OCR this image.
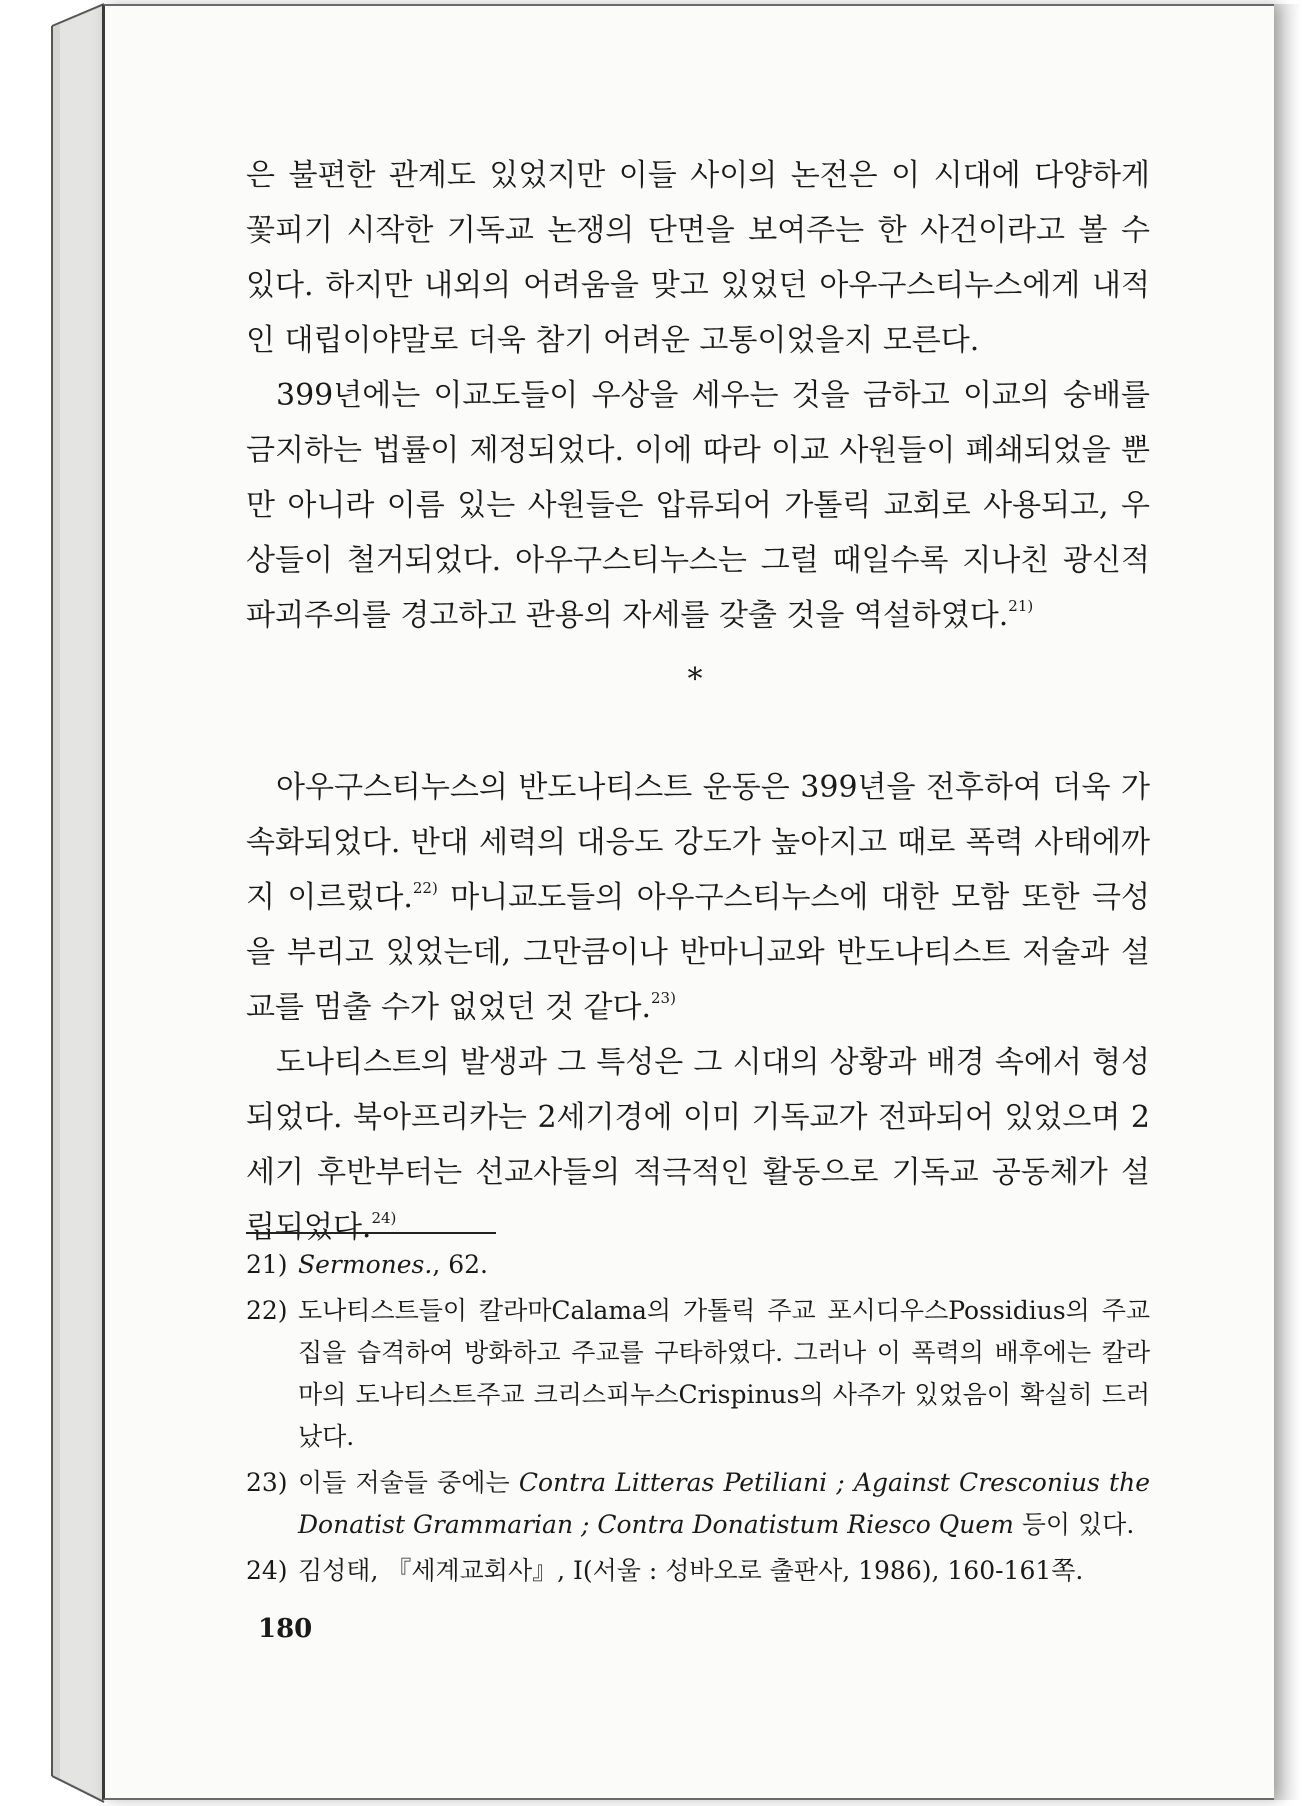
은 불편한 관계도 있었지만 이들 사이의 논전은 이 시대에 다양하게 꽃피기 시작한 기독교 논쟁의 단면을 보여주는 한 사건이라고 볼 수 있다. 하지만 내외의 어려움을 맞고 있었던 아우구스티누스에게 내적인 대립이야말로 더욱 참기 어려운 고통이었을지 모른다.

399년에는 이교도들이 우상을 세우는 것을 금하고 이교의 숭배를 금지하는 법률이 제정되었다. 이에 따라 이교 사원들이 폐쇄되었을 뿐만 아니라 이름 있는 사원들은 압류되어 가톨릭 교회로 사용되고, 우상들이 철거되었다. 아우구스티누스는 그럴 때일수록 지나친 광신적 파괴주의를 경고하고 관용의 자세를 갖출 것을 역설하였다.$^{21)}$

*

아우구스티누스의 반도나티스트 운동은 399년을 전후하여 더욱 가속화되었다. 반대 세력의 대응도 강도가 높아지고 때로 폭력 사태에까지 이르렀다.$^{22)}$ 마니교도들의 아우구스티누스에 대한 모함 또한 극성을 부리고 있었는데, 그만큼이나 반마니교와 반도나티스트 저술과 설교를 멈출 수가 없었던 것 같다.$^{23)}$

도나티스트의 발생과 그 특성은 그 시대의 상황과 배경 속에서 형성되었다. 북아프리카는 2세기경에 이미 기독교가 전파되어 있었으며 2세기 후반부터는 선교사들의 적극적인 활동으로 기독교 공동체가 설립되었다.$^{24)}$

21) Sermones., 62.
22) 도나티스트들이 칼라마Calama의 가톨릭 주교 포시디우스Possidius의 주교 집을 습격하여 방화하고 주교를 구타하였다. 그러나 이 폭력의 배후에는 칼라마의 도나티스트주교 크리스피누스Crispinus의 사주가 있었음이 확실히 드러났다.
23) 이들 저술들 중에는 Contra Litteras Petiliani ; Against Cresconius the Donatist Grammarian ; Contra Donatistum Riesco Quem 등이 있다.
24) 김성태, 『세계교회사』, Ⅰ(서울 : 성바오로 출판사, 1986), 160-161쪽.
180
